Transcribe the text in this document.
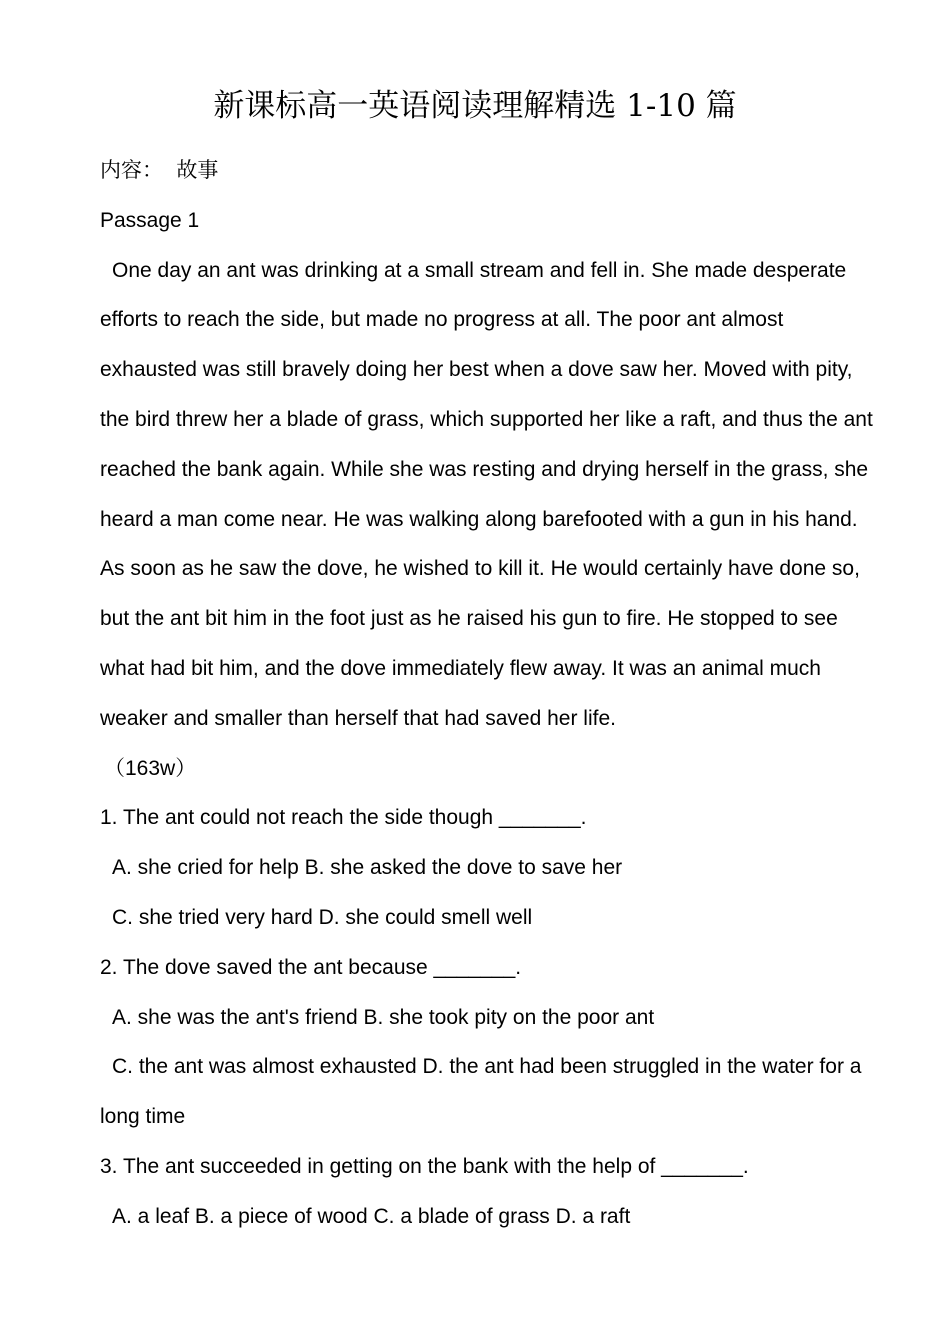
新课标高一英语阅读理解精选 1-10 篇
内容：  故事
Passage 1
One day an ant was drinking at a small stream and fell in. She made desperate
efforts to reach the side, but made no progress at all. The poor ant almost
exhausted was still bravely doing her best when a dove saw her. Moved with pity,
the bird threw her a blade of grass, which supported her like a raft, and thus the ant
reached the bank again. While she was resting and drying herself in the grass, she
heard a man come near. He was walking along barefooted with a gun in his hand.
As soon as he saw the dove, he wished to kill it. He would certainly have done so,
but the ant bit him in the foot just as he raised his gun to fire. He stopped to see
what had bit him, and the dove immediately flew away. It was an animal much
weaker and smaller than herself that had saved her life.
（163w）
1. The ant could not reach the side though _______.
A. she cried for help B. she asked the dove to save her
C. she tried very hard D. she could smell well
2. The dove saved the ant because _______.
A. she was the ant's friend B. she took pity on the poor ant
C. the ant was almost exhausted D. the ant had been struggled in the water for a
long time
3. The ant succeeded in getting on the bank with the help of _______.
A. a leaf B. a piece of wood C. a blade of grass D. a raft
